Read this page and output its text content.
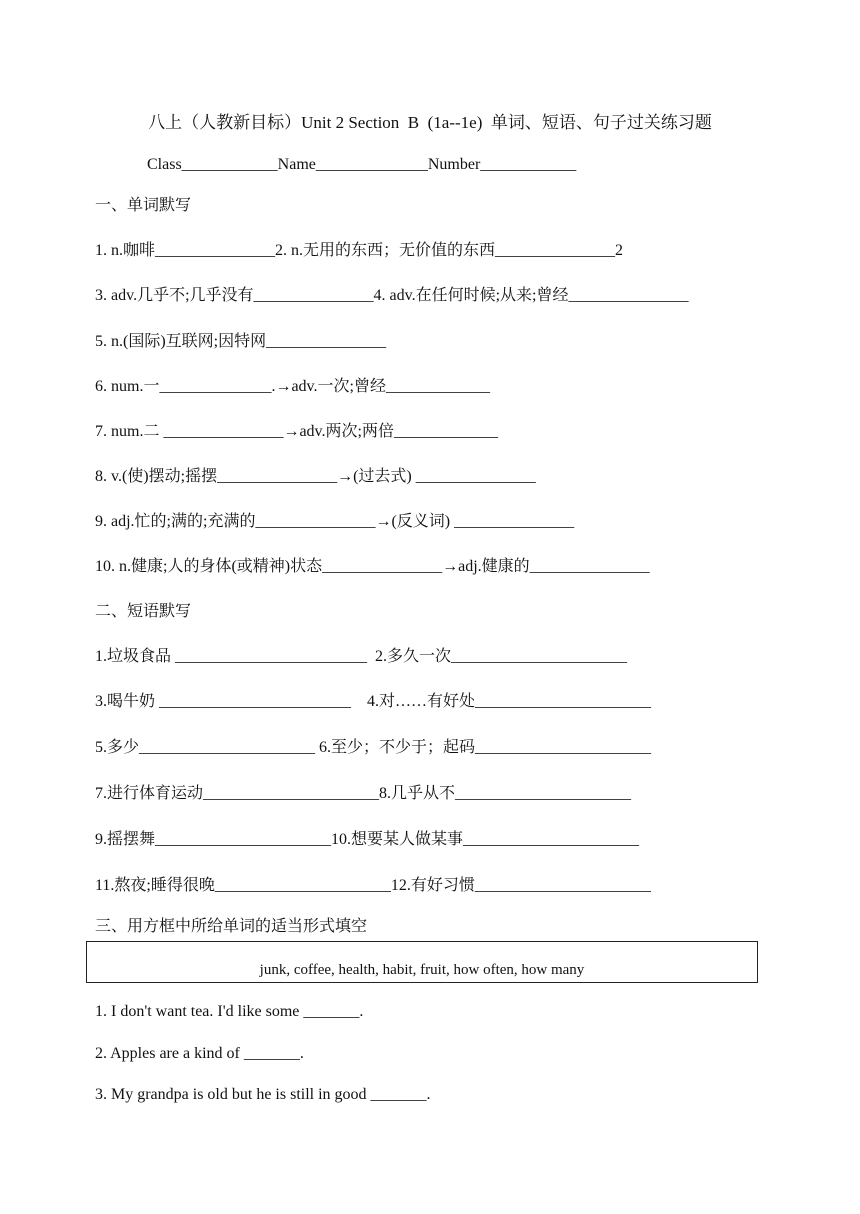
八上（人教新目标）Unit 2 Section  B  (1a--1e)  单词、短语、句子过关练习题
Class____________Name______________Number____________
一、单词默写
1. n.咖啡_______________2. n.无用的东西；无价值的东西_______________2
3. adv.几乎不;几乎没有_______________4. adv.在任何时候;从来;曾经_______________
5. n.(国际)互联网;因特网_______________
6. num.一______________.→adv.一次;曾经_____________
7. num.二 _______________→adv.两次;两倍_____________
8. v.(使)摆动;摇摆_______________→(过去式) _______________
9. adj.忙的;满的;充满的_______________→(反义词) _______________
10. n.健康;人的身体(或精神)状态_______________→adj.健康的_______________
二、短语默写
1.垃圾食品 ________________________  2.多久一次______________________
3.喝牛奶 ________________________    4.对……有好处______________________
5.多少______________________ 6.至少；不少于；起码______________________
7.进行体育运动______________________8.几乎从不______________________
9.摇摆舞______________________10.想要某人做某事______________________
11.熬夜;睡得很晚______________________12.有好习惯______________________
三、用方框中所给单词的适当形式填空
junk, coffee, health, habit, fruit, how often, how many
1. I don't want tea. I'd like some _______.
2. Apples are a kind of _______.
3. My grandpa is old but he is still in good _______.
